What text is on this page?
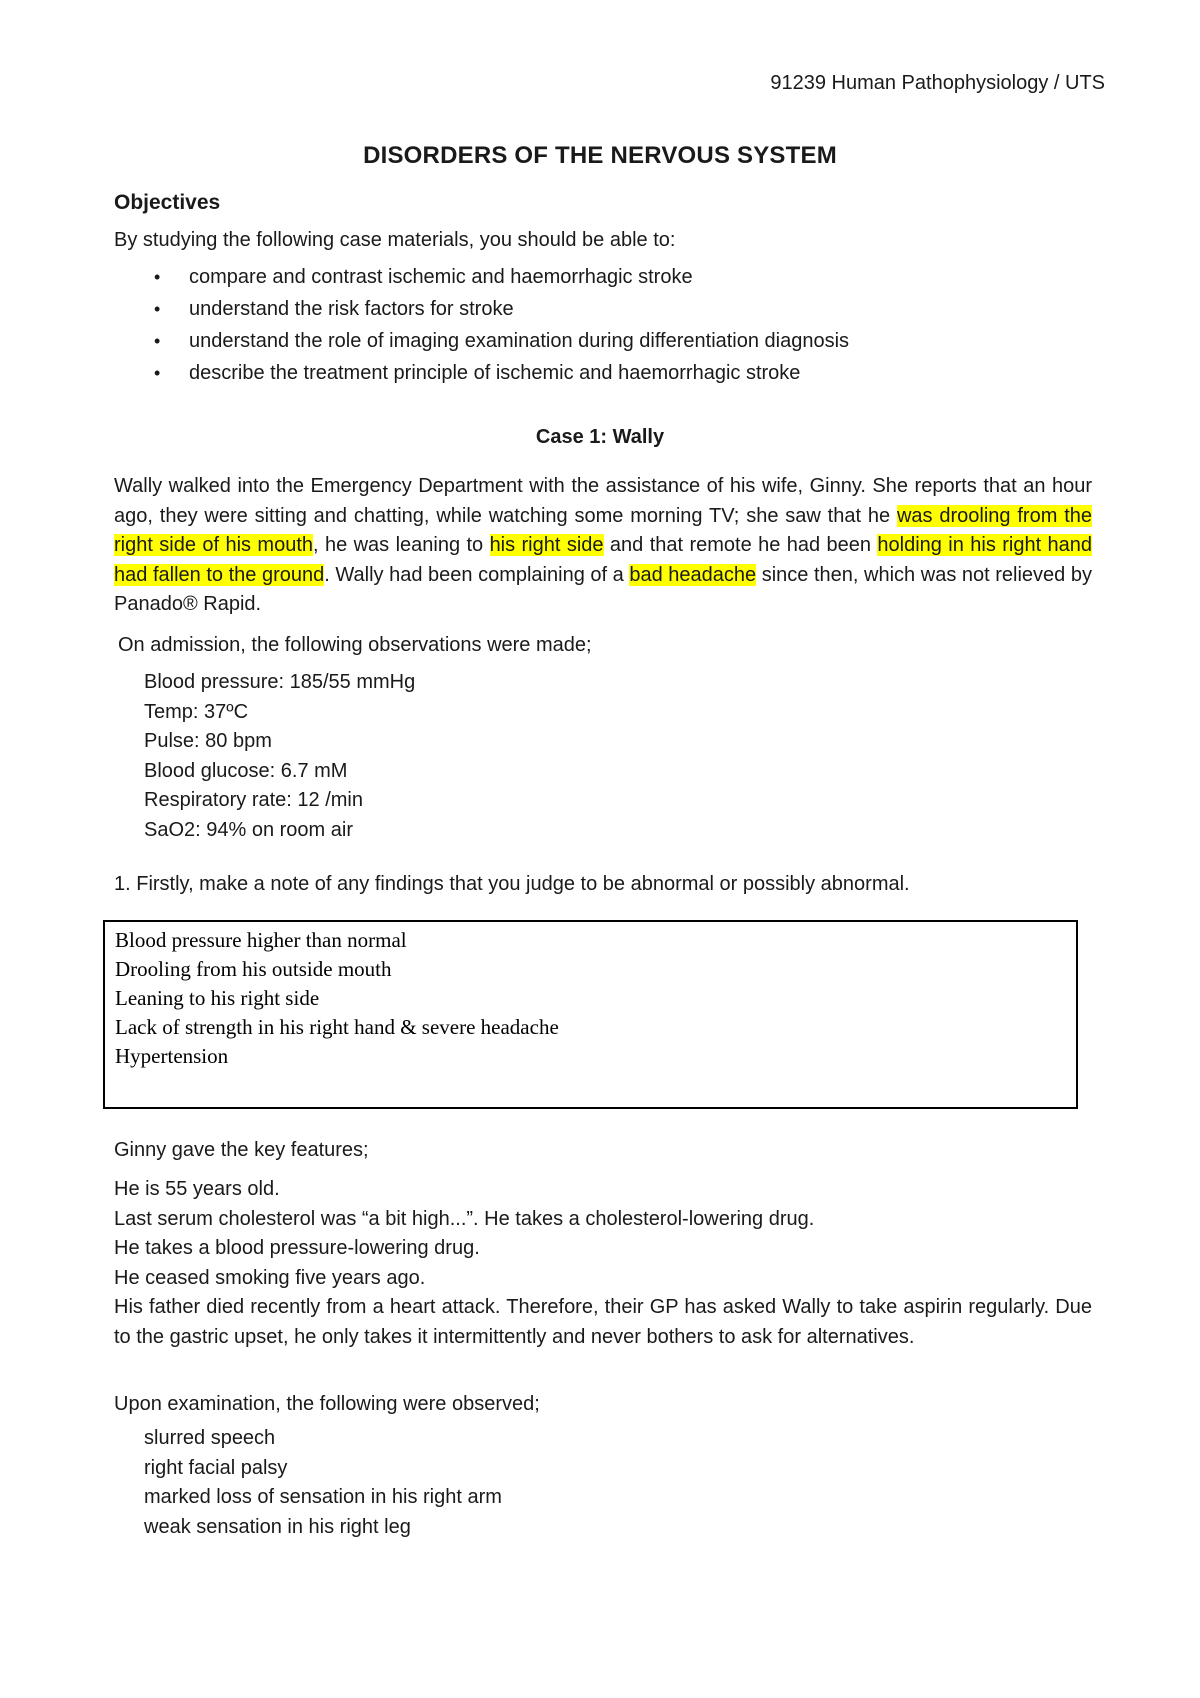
91239 Human Pathophysiology / UTS
DISORDERS OF THE NERVOUS SYSTEM
Objectives
By studying the following case materials, you should be able to:
• compare and contrast ischemic and haemorrhagic stroke
• understand the risk factors for stroke
• understand the role of imaging examination during differentiation diagnosis
• describe the treatment principle of ischemic and haemorrhagic stroke
Case 1: Wally
Wally walked into the Emergency Department with the assistance of his wife, Ginny. She reports that an hour ago, they were sitting and chatting, while watching some morning TV; she saw that he was drooling from the right side of his mouth, he was leaning to his right side and that remote he had been holding in his right hand had fallen to the ground. Wally had been complaining of a bad headache since then, which was not relieved by Panado® Rapid.
On admission, the following observations were made;
Blood pressure: 185/55 mmHg
Temp: 37ºC
Pulse: 80 bpm
Blood glucose: 6.7 mM
Respiratory rate: 12 /min
SaO2: 94% on room air
1. Firstly, make a note of any findings that you judge to be abnormal or possibly abnormal.
Blood pressure higher than normal
Drooling from his outside mouth
Leaning to his right side
Lack of strength in his right hand & severe headache
Hypertension
Ginny gave the key features;
He is 55 years old.
Last serum cholesterol was “a bit high...”. He takes a cholesterol-lowering drug.
He takes a blood pressure-lowering drug.
He ceased smoking five years ago.
His father died recently from a heart attack. Therefore, their GP has asked Wally to take aspirin regularly. Due to the gastric upset, he only takes it intermittently and never bothers to ask for alternatives.
Upon examination, the following were observed;
slurred speech
right facial palsy
marked loss of sensation in his right arm
weak sensation in his right leg
